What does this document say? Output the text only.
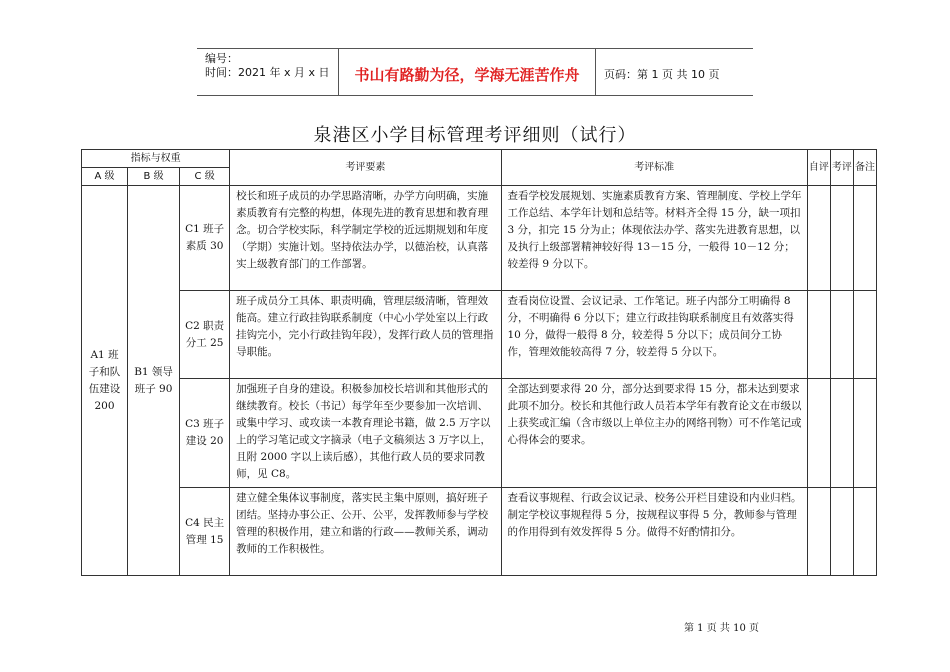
编号：
时间：2021 年 x 月 x 日	书山有路勤为径，学海无涯苦作舟	页码：第 1 页 共 10 页
泉港区小学目标管理考评细则（试行）
指标与权重			考评要素	考评标准	自评	考评	备注
A 级	B 级	C 级					
A1 班子和队伍建设 200	B1 领导班子 90	C1 班子素质 30	校长和班子成员的办学思路清晰，办学方向明确，实施素质教育有完整的构想，体现先进的教育思想和教育理念。切合学校实际，科学制定学校的近远期规划和年度（学期）实施计划。坚持依法办学，以德治校，认真落实上级教育部门的工作部署。	查看学校发展规划、实施素质教育方案、管理制度、学校上学年工作总结、本学年计划和总结等。材料齐全得 15 分，缺一项扣 3 分，扣完 15 分为止；体现依法办学、落实先进教育思想，以及执行上级部署精神较好得 13－15 分，一般得 10－12 分；较差得 9 分以下。			
		C2 职责分工 25	班子成员分工具体、职责明确，管理层级清晰，管理效能高。建立行政挂钩联系制度（中心小学处室以上行政挂钩完小，完小行政挂钩年段），发挥行政人员的管理指导职能。	查看岗位设置、会议记录、工作笔记。班子内部分工明确得 8 分，不明确得 6 分以下；建立行政挂钩联系制度且有效落实得 10 分，做得一般得 8 分，较差得 5 分以下；成员间分工协作，管理效能较高得 7 分，较差得 5 分以下。			
		C3 班子建设 20	加强班子自身的建设。积极参加校长培训和其他形式的继续教育。校长（书记）每学年至少要参加一次培训、或集中学习、或攻读一本教育理论书籍，做 2.5 万字以上的学习笔记或文字摘录（电子文稿须达 3 万字以上，且附 2000 字以上读后感），其他行政人员的要求同教师，见 C8。	全部达到要求得 20 分，部分达到要求得 15 分，都未达到要求此项不加分。校长和其他行政人员若本学年有教育论文在市级以上获奖或汇编（含市级以上单位主办的网络刊物）可不作笔记或心得体会的要求。			
		C4 民主管理 15	建立健全集体议事制度，落实民主集中原则，搞好班子团结。坚持办事公正、公开、公平，发挥教师参与学校管理的积极作用，建立和谐的行政——教师关系，调动教师的工作积极性。	查看议事规程、行政会议记录、校务公开栏目建设和内业归档。制定学校议事规程得 5 分，按规程议事得 5 分，教师参与管理的作用得到有效发挥得 5 分。做得不好酌情扣分。			
第 1 页 共 10 页
